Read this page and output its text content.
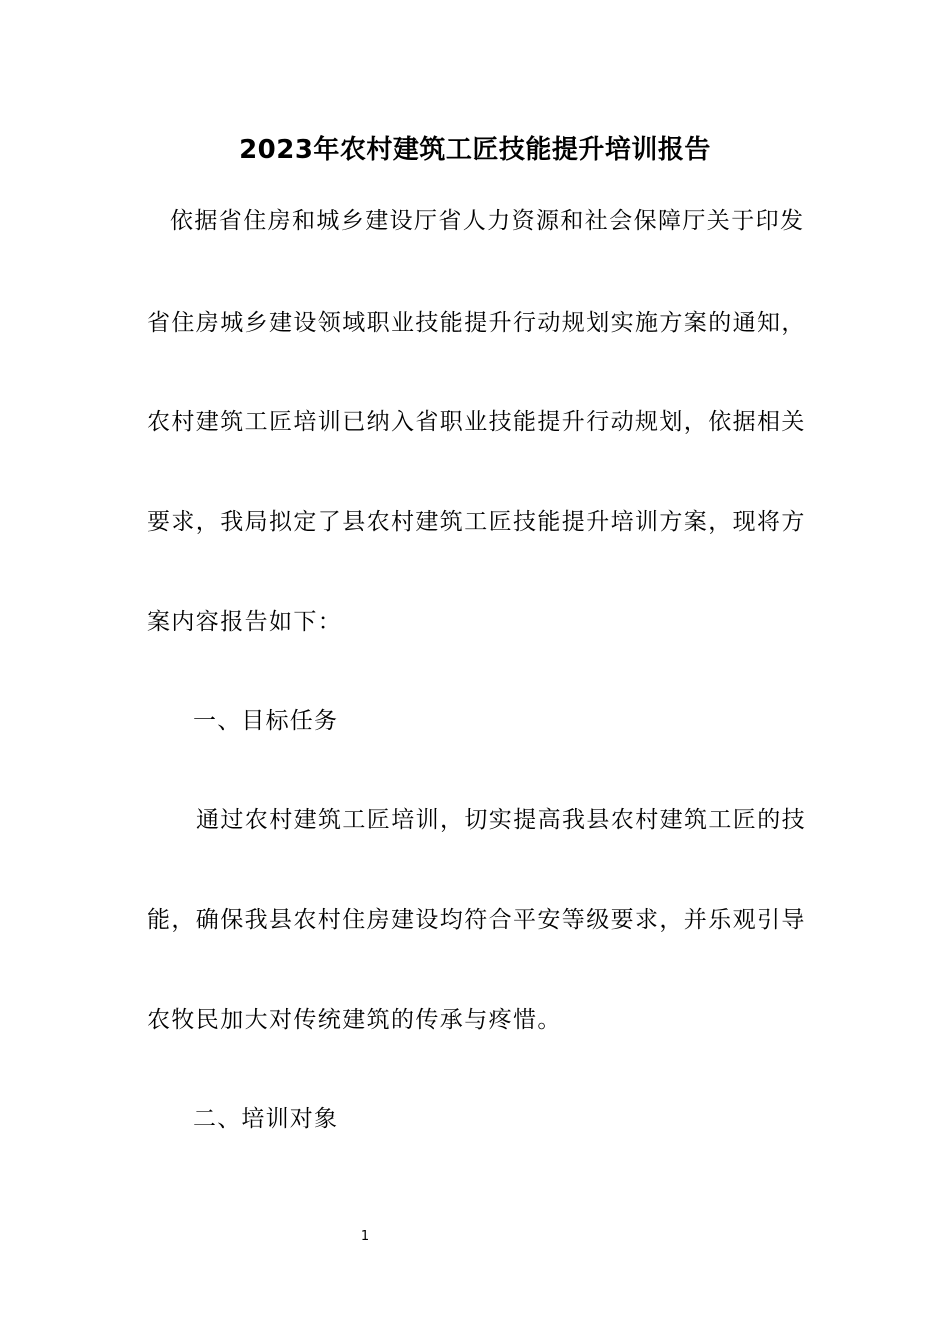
2023年农村建筑工匠技能提升培训报告
依据省住房和城乡建设厅省人力资源和社会保障厅关于印发
省住房城乡建设领域职业技能提升行动规划实施方案的通知，
农村建筑工匠培训已纳入省职业技能提升行动规划，依据相关
要求，我局拟定了县农村建筑工匠技能提升培训方案，现将方
案内容报告如下：
一、目标任务
通过农村建筑工匠培训，切实提高我县农村建筑工匠的技
能，确保我县农村住房建设均符合平安等级要求，并乐观引导
农牧民加大对传统建筑的传承与疼惜。
二、培训对象
1
